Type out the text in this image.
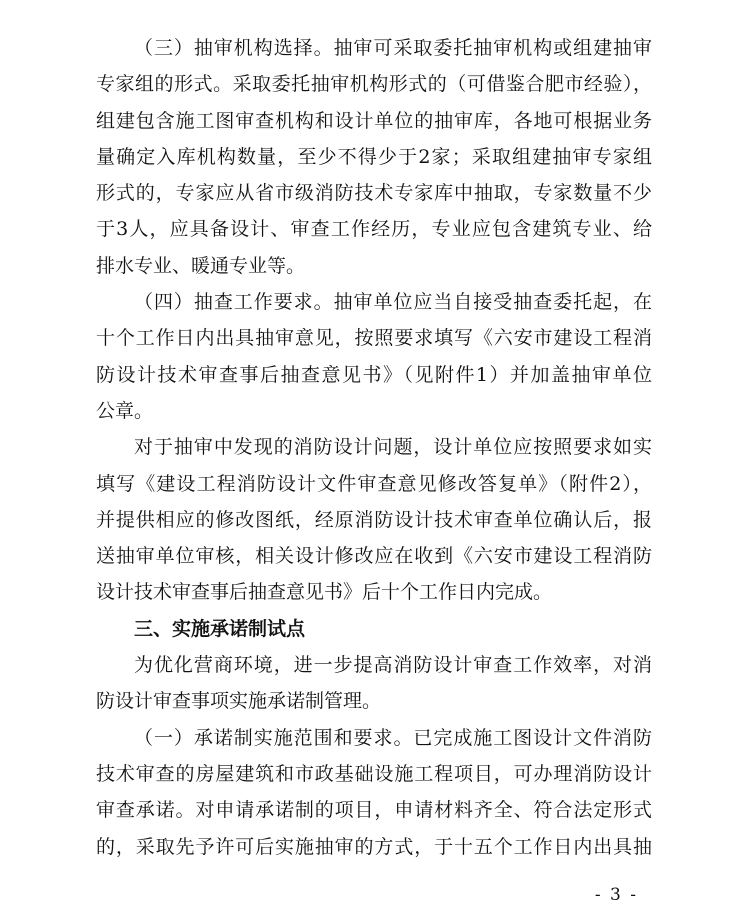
（三）抽审机构选择。抽审可采取委托抽审机构或组建抽审
专家组的形式。采取委托抽审机构形式的（可借鉴合肥市经验），
组建包含施工图审查机构和设计单位的抽审库，各地可根据业务
量确定入库机构数量，至少不得少于2家；采取组建抽审专家组
形式的，专家应从省市级消防技术专家库中抽取，专家数量不少
于3人，应具备设计、审查工作经历，专业应包含建筑专业、给
排水专业、暖通专业等。
（四）抽查工作要求。抽审单位应当自接受抽查委托起，在
十个工作日内出具抽审意见，按照要求填写《六安市建设工程消
防设计技术审查事后抽查意见书》（见附件1）并加盖抽审单位
公章。
对于抽审中发现的消防设计问题，设计单位应按照要求如实
填写《建设工程消防设计文件审查意见修改答复单》（附件2），
并提供相应的修改图纸，经原消防设计技术审查单位确认后，报
送抽审单位审核，相关设计修改应在收到《六安市建设工程消防
设计技术审查事后抽查意见书》后十个工作日内完成。
三、实施承诺制试点
为优化营商环境，进一步提高消防设计审查工作效率，对消
防设计审查事项实施承诺制管理。
（一）承诺制实施范围和要求。已完成施工图设计文件消防
技术审查的房屋建筑和市政基础设施工程项目，可办理消防设计
审查承诺。对申请承诺制的项目，申请材料齐全、符合法定形式
的，采取先予许可后实施抽审的方式，于十五个工作日内出具抽
- 3 -
